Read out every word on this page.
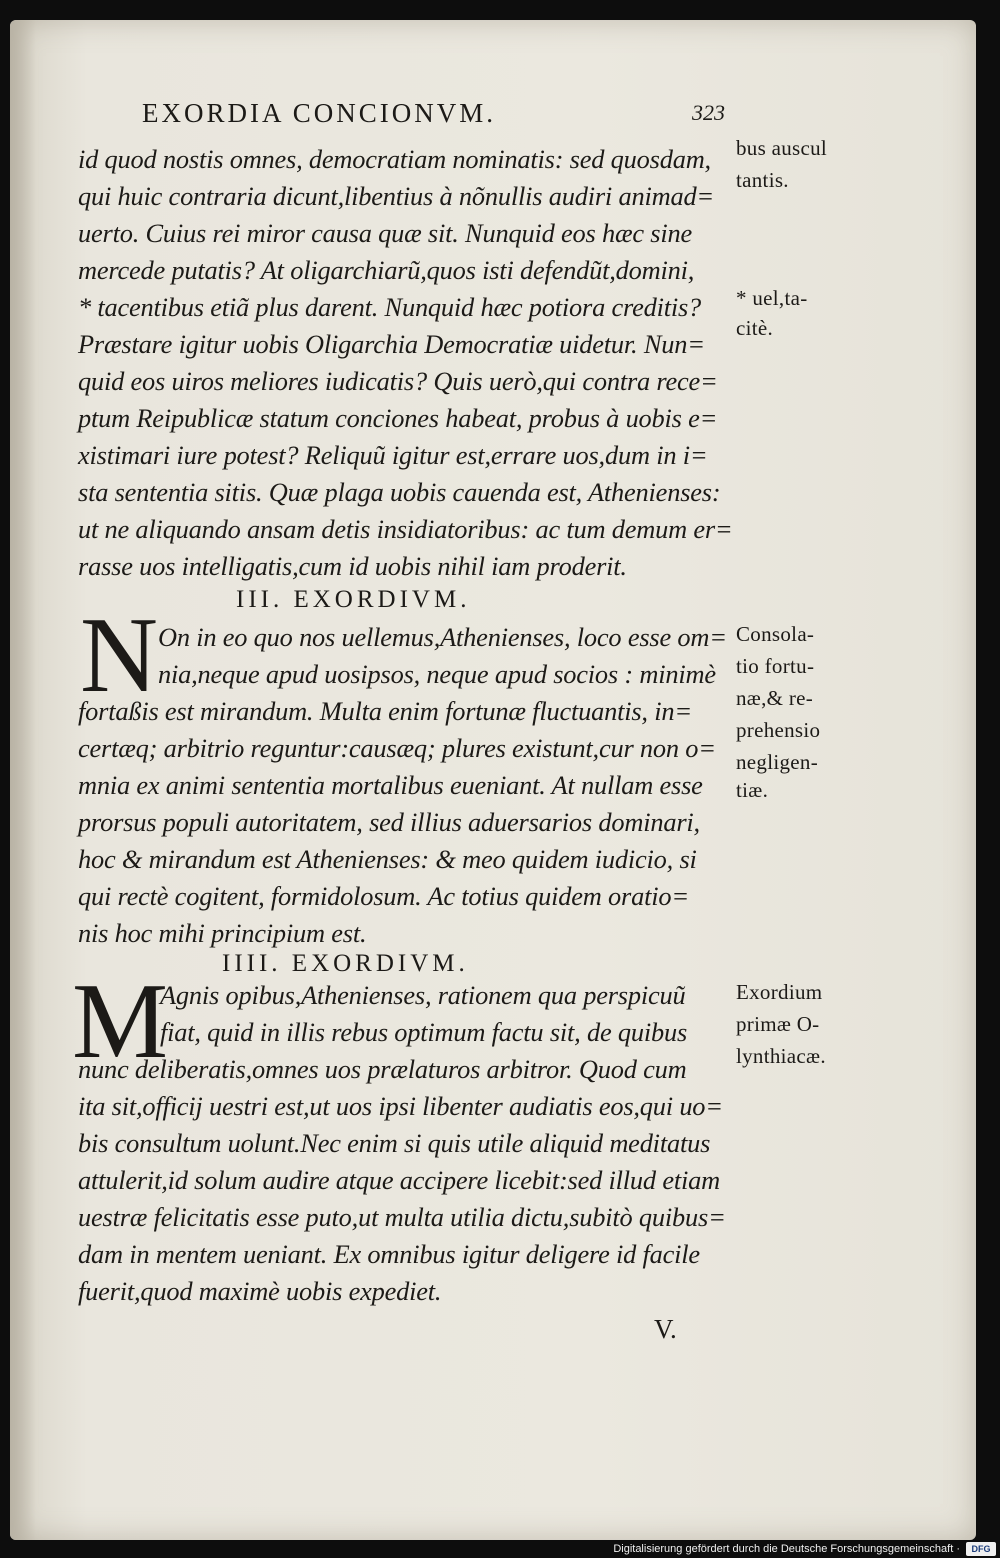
EXORDIA CONCIONVM.	323
id quod nostis omnes, democratiam nominatis: sed quosdam,
qui huic contraria dicunt,libentius à nõnullis audiri animad=
uerto. Cuius rei miror causa quæ sit. Nunquid eos hæc sine
mercede putatis? At oligarchiarũ,quos isti defendũt,domini,
* tacentibus etiã plus darent. Nunquid hæc potiora creditis?
Præstare igitur uobis Oligarchia Democratiæ uidetur. Nun=
quid eos uiros meliores iudicatis? Quis uerò,qui contra rece=
ptum Reipublicæ statum conciones habeat, probus à uobis e=
xistimari iure potest? Reliquũ igitur est,errare uos,dum in i=
sta sententia sitis. Quæ plaga uobis cauenda est, Athenienses:
ut ne aliquando ansam detis insidiatoribus: ac tum demum er=
rasse uos intelligatis,cum id uobis nihil iam proderit.
bus auscul
tantis.
* uel,ta-
citè.
III. EXORDIVM.
N On in eo quo nos uellemus,Athenienses, loco esse om=
nia,neque apud uosipsos, neque apud socios : minimè
fortaßis est mirandum. Multa enim fortunæ fluctuantis, in=
certæq; arbitrio reguntur:causæq; plures existunt,cur non o=
mnia ex animi sententia mortalibus eueniant. At nullam esse
prorsus populi autoritatem, sed illius aduersarios dominari,
hoc & mirandum est Athenienses: & meo quidem iudicio, si
qui rectè cogitent, formidolosum. Ac totius quidem oratio=
nis hoc mihi principium est.
Consola-
tio fortu-
næ,& re-
prehensio
negligen-
tiæ.
IIII. EXORDIVM.
M
Agnis opibus,Athenienses, rationem qua perspicuũ
fiat, quid in illis rebus optimum factu sit, de quibus
nunc deliberatis,omnes uos prælaturos arbitror. Quod cum
ita sit,officij uestri est,ut uos ipsi libenter audiatis eos,qui uo=
bis consultum uolunt.Nec enim si quis utile aliquid meditatus
attulerit,id solum audire atque accipere licebit:sed illud etiam
uestræ felicitatis esse puto,ut multa utilia dictu,subitò quibus=
dam in mentem ueniant. Ex omnibus igitur deligere id facile
fuerit,quod maximè uobis expediet.
Exordium
primæ O-
lynthiacæ.
V.
Digitalisierung gefördert durch die Deutsche Forschungsgemeinschaft ·	DFG
